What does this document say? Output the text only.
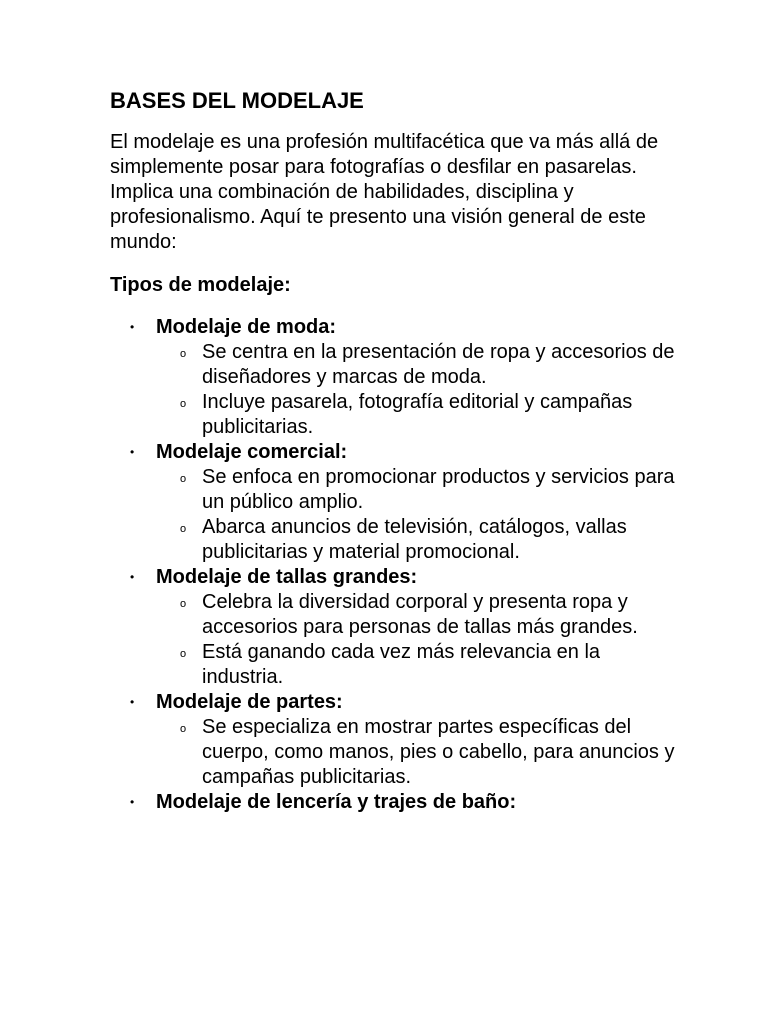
BASES DEL MODELAJE

El modelaje es una profesión multifacética que va más allá de simplemente posar para fotografías o desfilar en pasarelas. Implica una combinación de habilidades, disciplina y profesionalismo. Aquí te presento una visión general de este mundo:

Tipos de modelaje:
• Modelaje de moda:
o Se centra en la presentación de ropa y accesorios de diseñadores y marcas de moda.
o Incluye pasarela, fotografía editorial y campañas publicitarias.
• Modelaje comercial:
o Se enfoca en promocionar productos y servicios para un público amplio.
o Abarca anuncios de televisión, catálogos, vallas publicitarias y material promocional.
• Modelaje de tallas grandes:
o Celebra la diversidad corporal y presenta ropa y accesorios para personas de tallas más grandes.
o Está ganando cada vez más relevancia en la industria.
• Modelaje de partes:
o Se especializa en mostrar partes específicas del cuerpo, como manos, pies o cabello, para anuncios y campañas publicitarias.
• Modelaje de lencería y trajes de baño:
